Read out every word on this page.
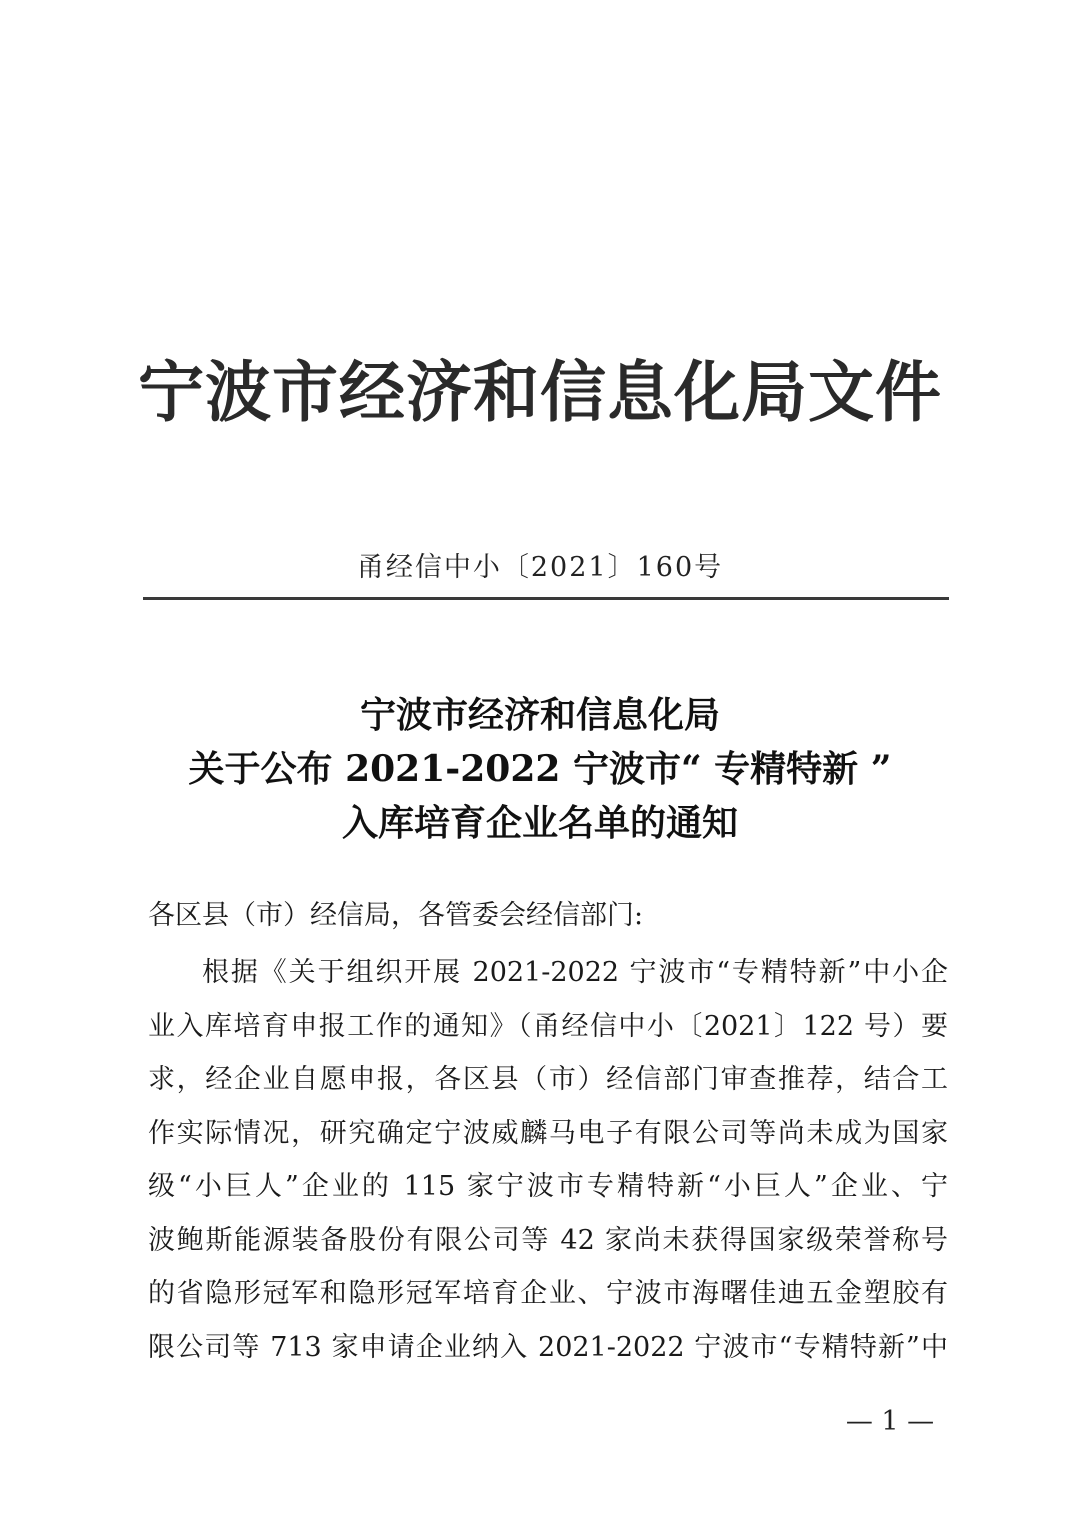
宁波市经济和信息化局文件
甬经信中小〔2021〕160号
宁波市经济和信息化局
关于公布 2021-2022 宁波市“ 专精特新 ”
入库培育企业名单的通知
各区县（市）经信局，各管委会经信部门:
根据《关于组织开展 2021-2022 宁波市“专精特新”中小企
业入库培育申报工作的通知》（甬经信中小〔2021〕122 号）要
求，经企业自愿申报，各区县（市）经信部门审查推荐，结合工
作实际情况，研究确定宁波威麟马电子有限公司等尚未成为国家
级“小巨人”企业的 115 家宁波市专精特新“小巨人”企业、宁
波鲍斯能源装备股份有限公司等 42 家尚未获得国家级荣誉称号
的省隐形冠军和隐形冠军培育企业、宁波市海曙佳迪五金塑胶有
限公司等 713 家申请企业纳入 2021-2022 宁波市“专精特新”中
— 1 —
